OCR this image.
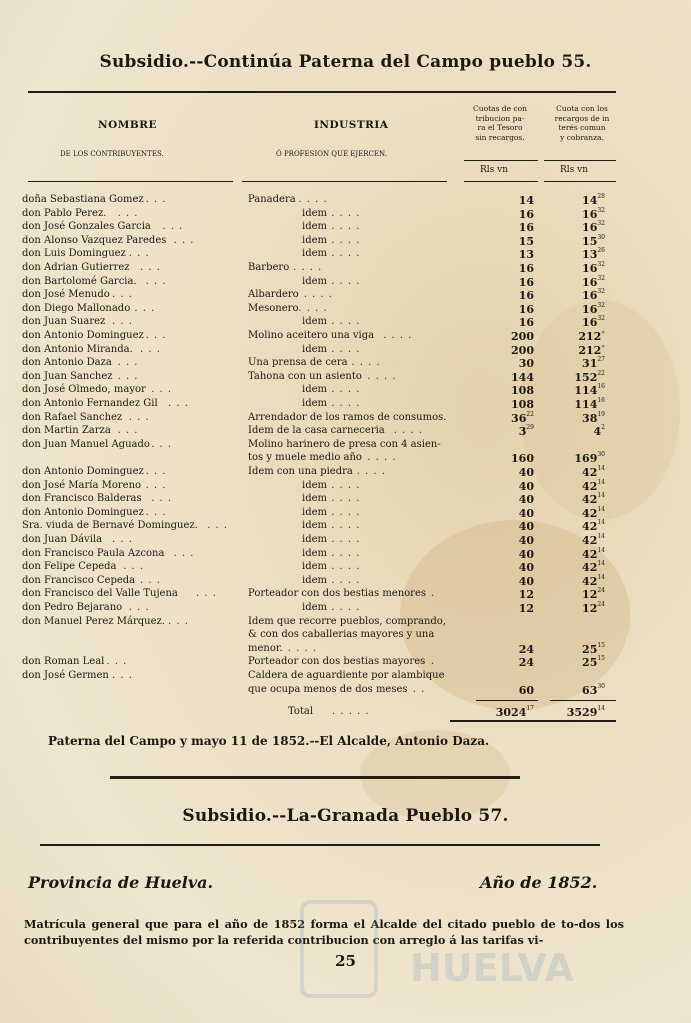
Subsidio.--Continúa Paterna del Campo pueblo 55.
NOMBRE
DE LOS CONTRIBUYENTES.
INDUSTRIA
Ó PROFESION QUE EJERCEN.
Cuotas de con
tribucion pa-
ra el Tesoro
sin recargos.
Cuota con los
recargos de in
terés comun
y cobranza.
Rls vn	Rls vn
doña Sebastiana Gomez . . .	Panadera . . . .	14	$14^{28}$
don Pablo Perez. . . .	idem . . . .	16	$16^{32}$
don José Gonzales Garcia . . .	idem . . . .	16	$16^{32}$
don Alonso Vazquez Paredes . . .	idem . . . .	15	$15^{30}$
don Luis Dominguez . . .	idem . . . .	13	$13^{26}$
don Adrian Gutierrez . . .	Barbero . . . .	16	$16^{32}$
don Bartolomé Garcia. . . .	idem . . . .	16	$16^{32}$
don José Menudo . . .	Albardero . . . .	16	$16^{32}$
don Diego Mallonado . . .	Mesonero . . . .	16	$16^{32}$
don Juan Suarez . . .	idem . . . .	16	$16^{32}$
don Antonio Dominguez . . .	Molino aceitero una viga . . . .	200	212»
don Antonio Miranda. . . .	idem . . . .	200	212»
don Antonio Daza . . .	Una prensa de cera . . . .	30	$31^{27}$
don Juan Sanchez . . .	Tahona con un asiento . . . .	144	$152^{22}$
don José Olmedo, mayor . . .	idem . . . .	108	$114^{16}$
don Antonio Fernandez Gil . . .	idem . . . .	108	$114^{16}$
don Rafael Sanchez . . .	Arrendador de los ramos de consumos.	$36^{22}$	$38^{19}$
don Martin Zarza . . .	Idem de la casa carneceria . . . .	$3^{29}$	$4^2$
don Juan Manuel Aguado . . .	Molino harinero de presa con 4 asien-
tos y muele medio año . . . .	160	$169^{30}$
don Antonio Dominguez . . .	Idem con una piedra . . . .	40	$42^{14}$
don José María Moreno . . .	idem . . . .	40	$42^{14}$
don Francisco Balderas . . .	idem . . . .	40	$42^{14}$
don Antonio Dominguez . . .	idem . . . .	40	$42^{14}$
Sra. viuda de Bernavé Dominguez. . . .	idem . . . .	40	$42^{14}$
don Juan Dávila . . .	idem . . . .	40	$42^{14}$
don Francisco Paula Azcona . . .	idem . . . .	40	$42^{14}$
don Felipe Cepeda . . .	idem . . . .	40	$42^{14}$
don Francisco Cepeda . . .	idem . . . .	40	$42^{14}$
don Francisco del Valle Tujena . . .	Porteador con dos bestias menores .	12	$12^{24}$
don Pedro Bejarano . . .	idem . . . .	12	$12^{24}$
don Manuel Perez Márquez. . . .	Idem que recorre pueblos, comprando,
& con dos caballerias mayores y una
menor. . . . .	24	$25^{15}$
don Roman Leal . . .	Porteador con dos bestias mayores .	24	$25^{15}$
don José Germen . . .	Caldera de aguardiente por alambique
que ocupa menos de dos meses
. . .	60	$63^{30}$
Total . . . . .	3024$^{17}$	3529$^{14}$
Paterna del Campo y mayo 11 de 1852.--El Alcalde, Antonio Daza.
Subsidio.--La-Granada Pueblo 57.
Provincia de Huelva.	Año de 1852.
Matrícula general que para el año de 1852 forma el Alcalde del citado pueblo de to-dos los contribuyentes del mismo por la referida contribucion con arreglo á las tarifas vi-
25	HUELVA
